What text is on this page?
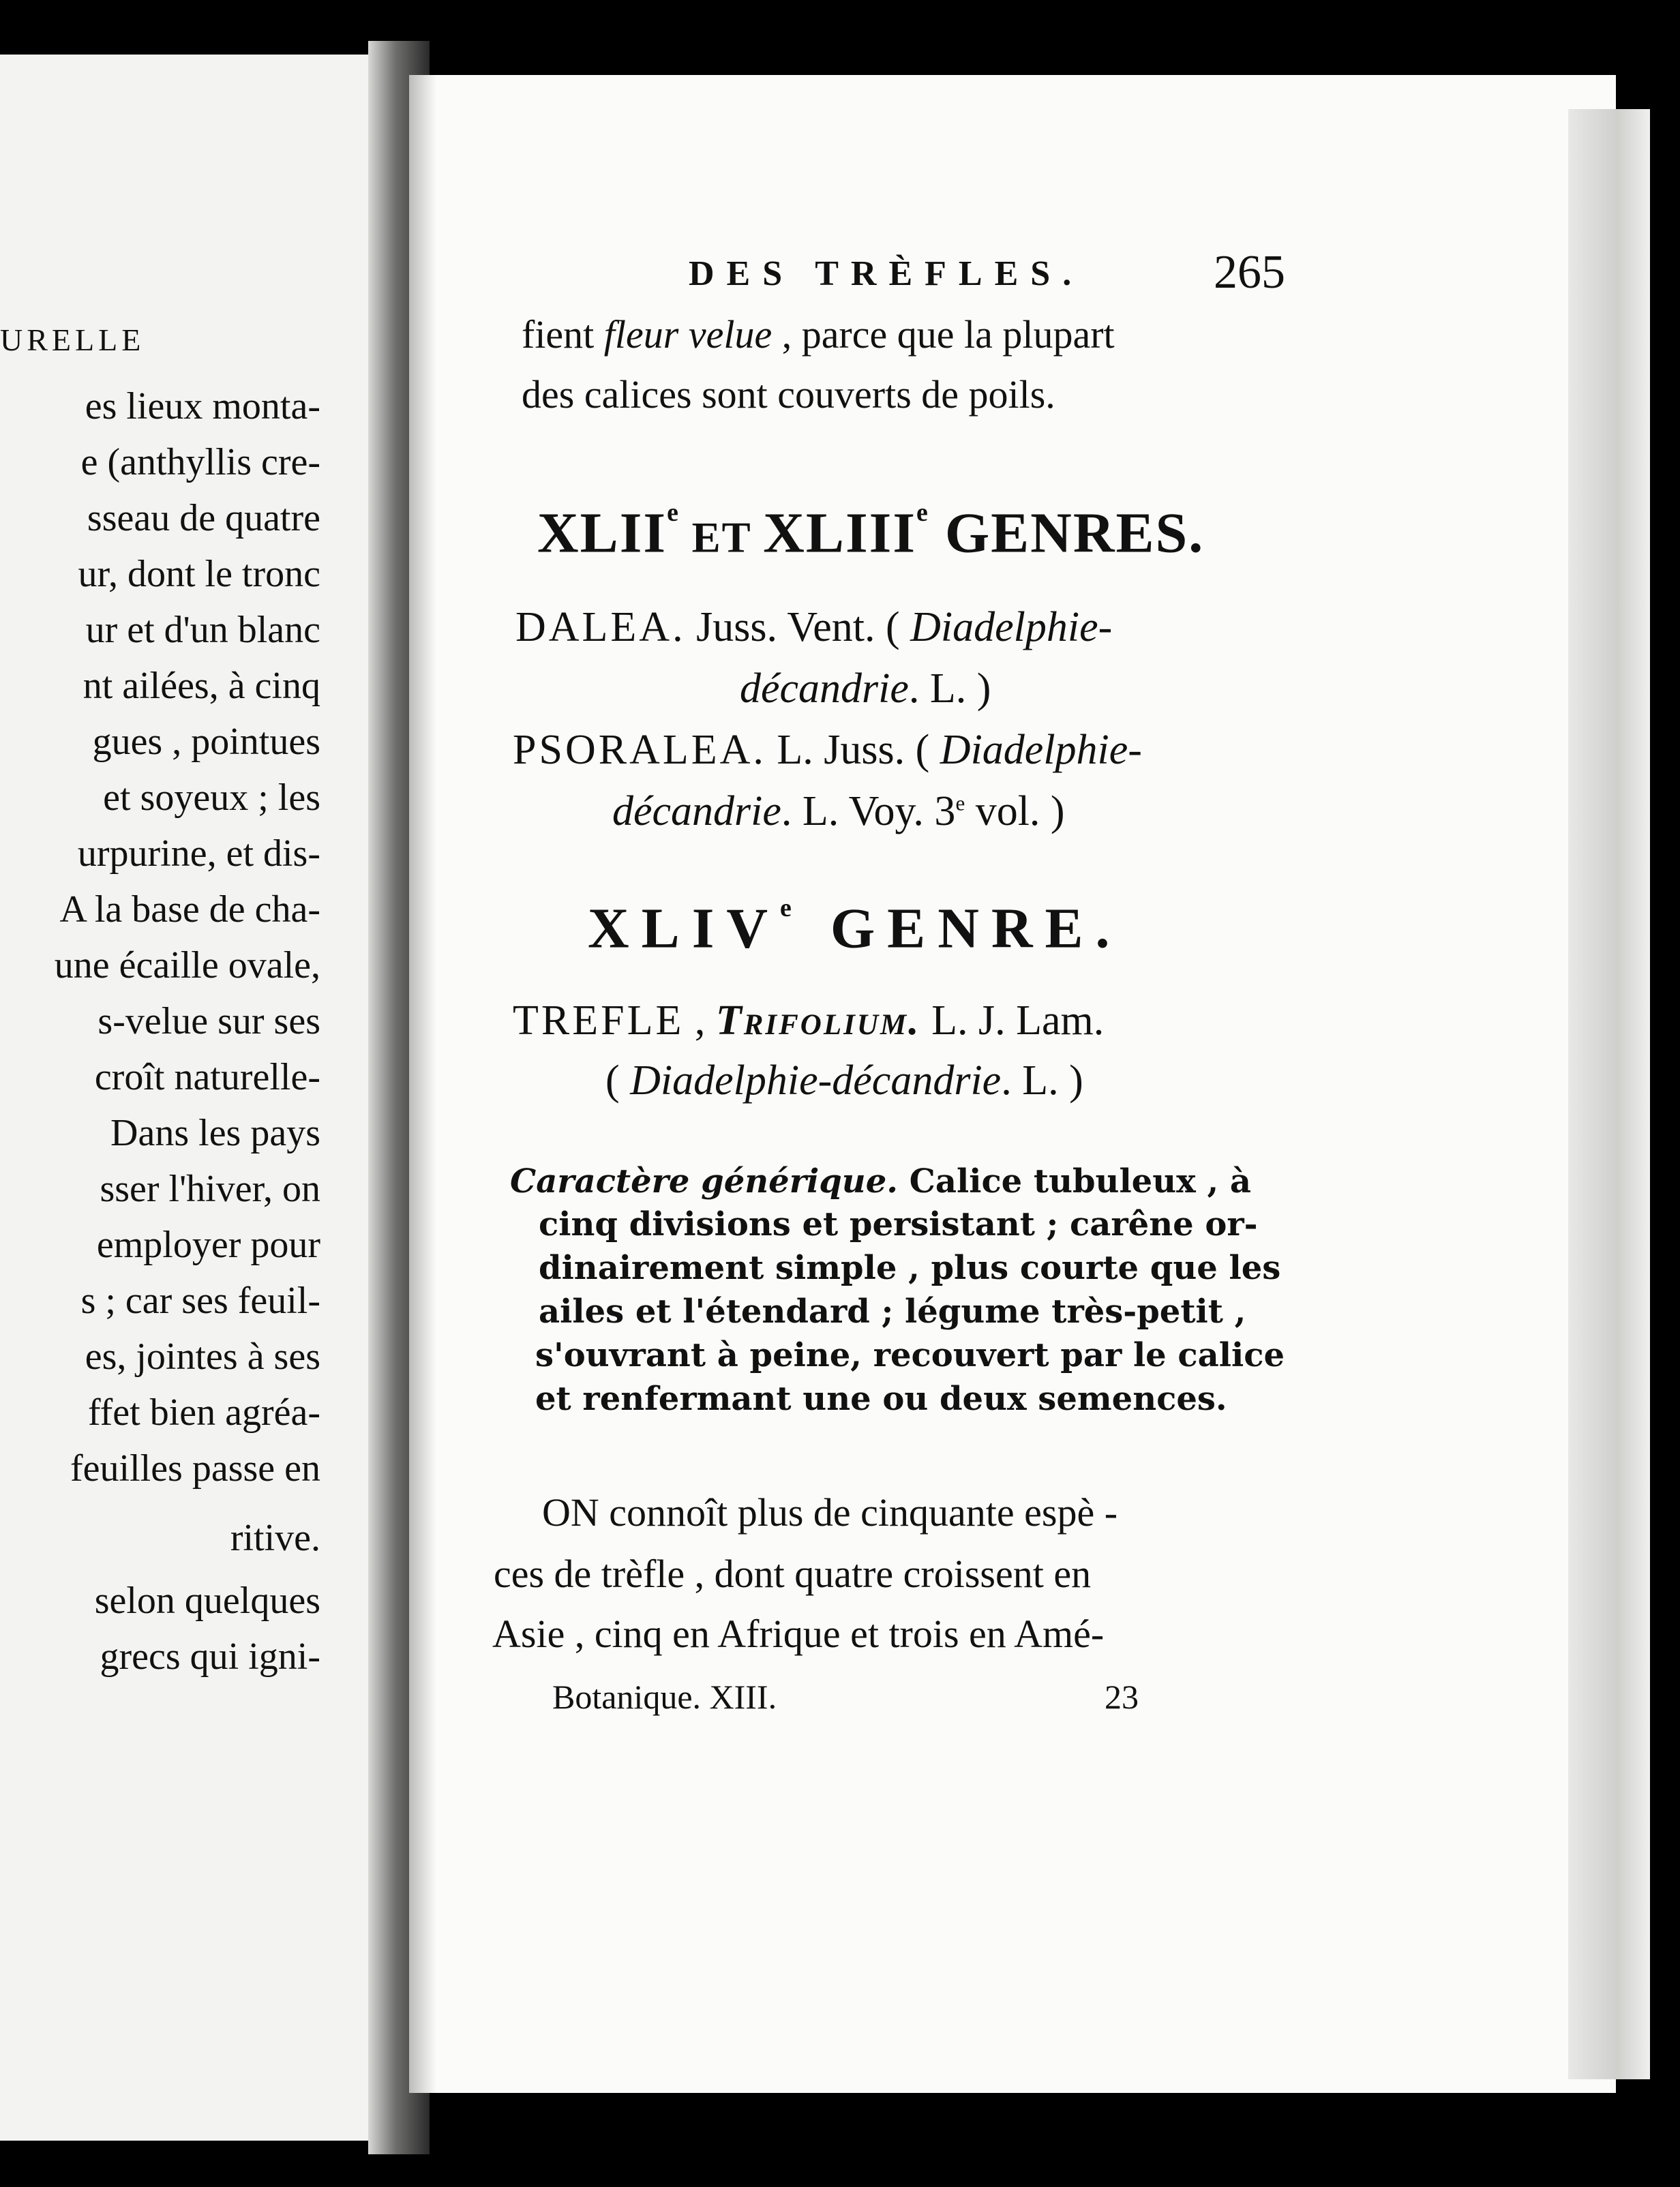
URELLE
es lieux monta-
e (anthyllis cre-
sseau de quatre
ur, dont le tronc
ur et d'un blanc
nt ailées, à cinq
gues , pointues
et soyeux ; les
urpurine, et dis-
A la base de cha-
une écaille ovale,
s-velue sur ses
croît naturelle-
Dans les pays
sser l'hiver, on
employer pour
s ; car ses feuil-
es, jointes à ses
ffet bien agréa-
feuilles passe en
ritive.
selon quelques
grecs qui igni-
DES TRÈFLES.	265
fient fleur velue , parce que la plupart
des calices sont couverts de poils.
XLIIe ET XLIIIe GENRES.
DALEA. Juss. Vent. ( Diadelphie-
décandrie. L. )
PSORALEA. L. Juss. ( Diadelphie-
décandrie. L. Voy. 3e vol. )
XLIVe GENRE.
TREFLE , Trifolium. L. J. Lam.
( Diadelphie-décandrie. L. )
Caractère générique. Calice tubuleux , à
cinq divisions et persistant ; carêne or-
dinairement simple , plus courte que les
ailes et l'étendard ; légume très-petit ,
s'ouvrant à peine, recouvert par le calice
et renfermant une ou deux semences.
ON connoît plus de cinquante espè -
ces de trèfle , dont quatre croissent en
Asie , cinq en Afrique et trois en Amé-
Botanique. XIII.	23
